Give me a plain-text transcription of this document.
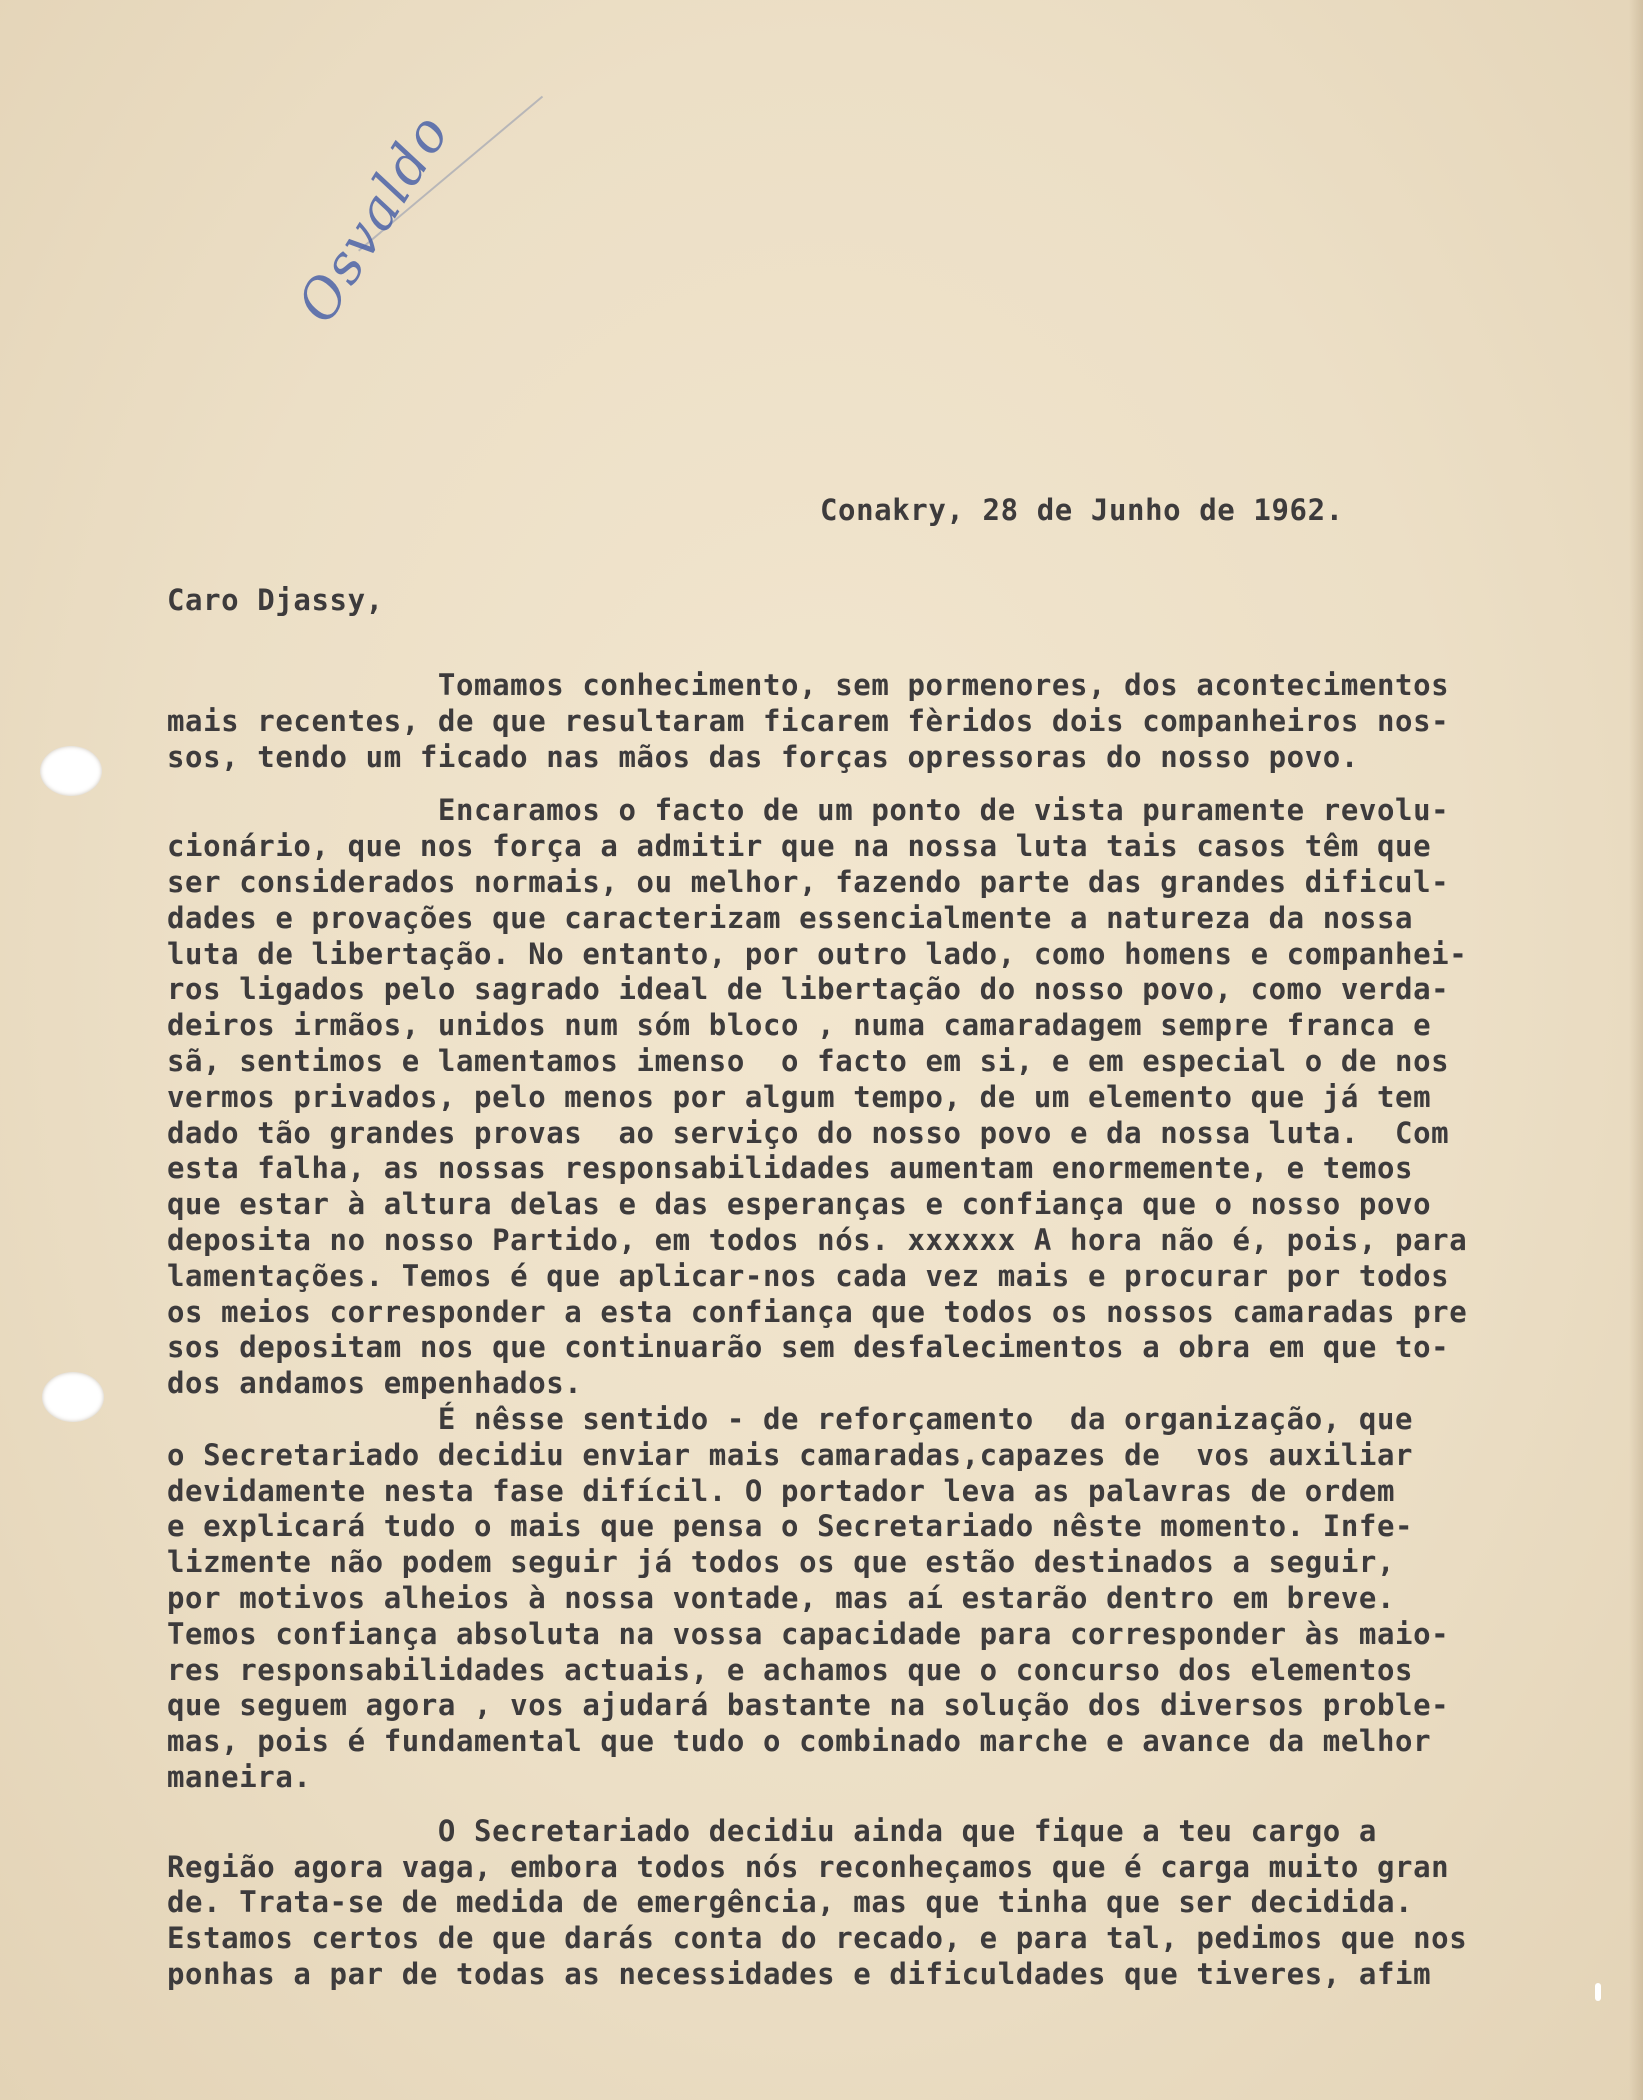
Osvaldo
Conakry, 28 de Junho de 1962.
Caro Djassy,
Tomamos conhecimento, sem pormenores, dos acontecimentos
mais recentes, de que resultaram ficarem fèridos dois companheiros nos-
sos, tendo um ficado nas mãos das forças opressoras do nosso povo.
Encaramos o facto de um ponto de vista puramente revolu-
cionário, que nos força a admitir que na nossa luta tais casos têm que
ser considerados normais, ou melhor, fazendo parte das grandes dificul-
dades e provações que caracterizam essencialmente a natureza da nossa
luta de libertação. No entanto, por outro lado, como homens e companhei-
ros ligados pelo sagrado ideal de libertação do nosso povo, como verda-
deiros irmãos, unidos num sóm bloco , numa camaradagem sempre franca e
sã, sentimos e lamentamos imenso  o facto em si, e em especial o de nos
vermos privados, pelo menos por algum tempo, de um elemento que já tem
dado tão grandes provas  ao serviço do nosso povo e da nossa luta.  Com
esta falha, as nossas responsabilidades aumentam enormemente, e temos
que estar à altura delas e das esperanças e confiança que o nosso povo
deposita no nosso Partido, em todos nós. xxxxxx A hora não é, pois, para
lamentações. Temos é que aplicar-nos cada vez mais e procurar por todos
os meios corresponder a esta confiança que todos os nossos camaradas pre
sos depositam nos que continuarão sem desfalecimentos a obra em que to-
dos andamos empenhados.
É nêsse sentido - de reforçamento  da organização, que
o Secretariado decidiu enviar mais camaradas,capazes de  vos auxiliar
devidamente nesta fase difícil. O portador leva as palavras de ordem
e explicará tudo o mais que pensa o Secretariado nêste momento. Infe-
lizmente não podem seguir já todos os que estão destinados a seguir,
por motivos alheios à nossa vontade, mas aí estarão dentro em breve.
Temos confiança absoluta na vossa capacidade para corresponder às maio-
res responsabilidades actuais, e achamos que o concurso dos elementos
que seguem agora , vos ajudará bastante na solução dos diversos proble-
mas, pois é fundamental que tudo o combinado marche e avance da melhor
maneira.
O Secretariado decidiu ainda que fique a teu cargo a
Região agora vaga, embora todos nós reconheçamos que é carga muito gran
de. Trata-se de medida de emergência, mas que tinha que ser decidida.
Estamos certos de que darás conta do recado, e para tal, pedimos que nos
ponhas a par de todas as necessidades e dificuldades que tiveres, afim
